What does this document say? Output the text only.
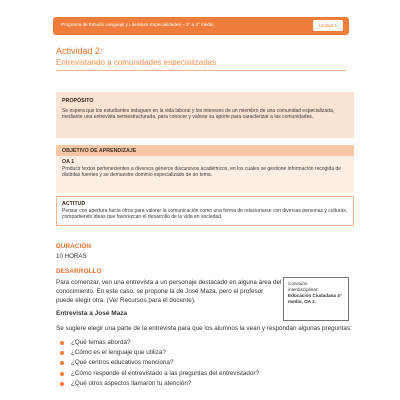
Programa de Estudio Lenguaje y Literatura Especialidades – 3° a 4° medio	Unidad 1
Actividad 2:
Entrevistando a comunidades especializadas
PROPÓSITO
Se espera que los estudiantes indaguen en la vida laboral y los intereses de un miembro de una comunidad especializada, mediante una entrevista semiestructurada, para conocer y valorar su aporte para caracterizar a las comunidades.
OBJETIVO DE APRENDIZAJE
OA 1
Producir textos pertenecientes a diversos géneros discursivos académicos, en los cuales se gestione información recogida de distintas fuentes y se demuestre dominio especializado de un tema.
ACTITUD
Pensar con apertura hacia otros para valorar la comunicación como una forma de relacionarse con diversas personas y culturas, compartiendo ideas que favorezcan el desarrollo de la vida en sociedad.
DURACIÓN
10 HORAS
DESARROLLO
Para comenzar, ven una entrevista a un personaje destacado en alguna área del conocimiento. En este caso, se propone la de José Maza, pero el profesor puede elegir otra. (Ver Recursos para el docente).
Conexión
interdisciplinar:
Educación Ciudadana 4°
medio, OA 2.
Entrevista a José Maza
Se sugiere elegir una parte de la entrevista para que los alumnos la vean y respondan algunas preguntas:
¿Qué temas aborda?
¿Cómo es el lenguaje que utiliza?
¿Qué centros educativos menciona?
¿Cómo responde el entrevistado a las preguntas del entrevistador?
¿Qué otros aspectos llamaron tu atención?
